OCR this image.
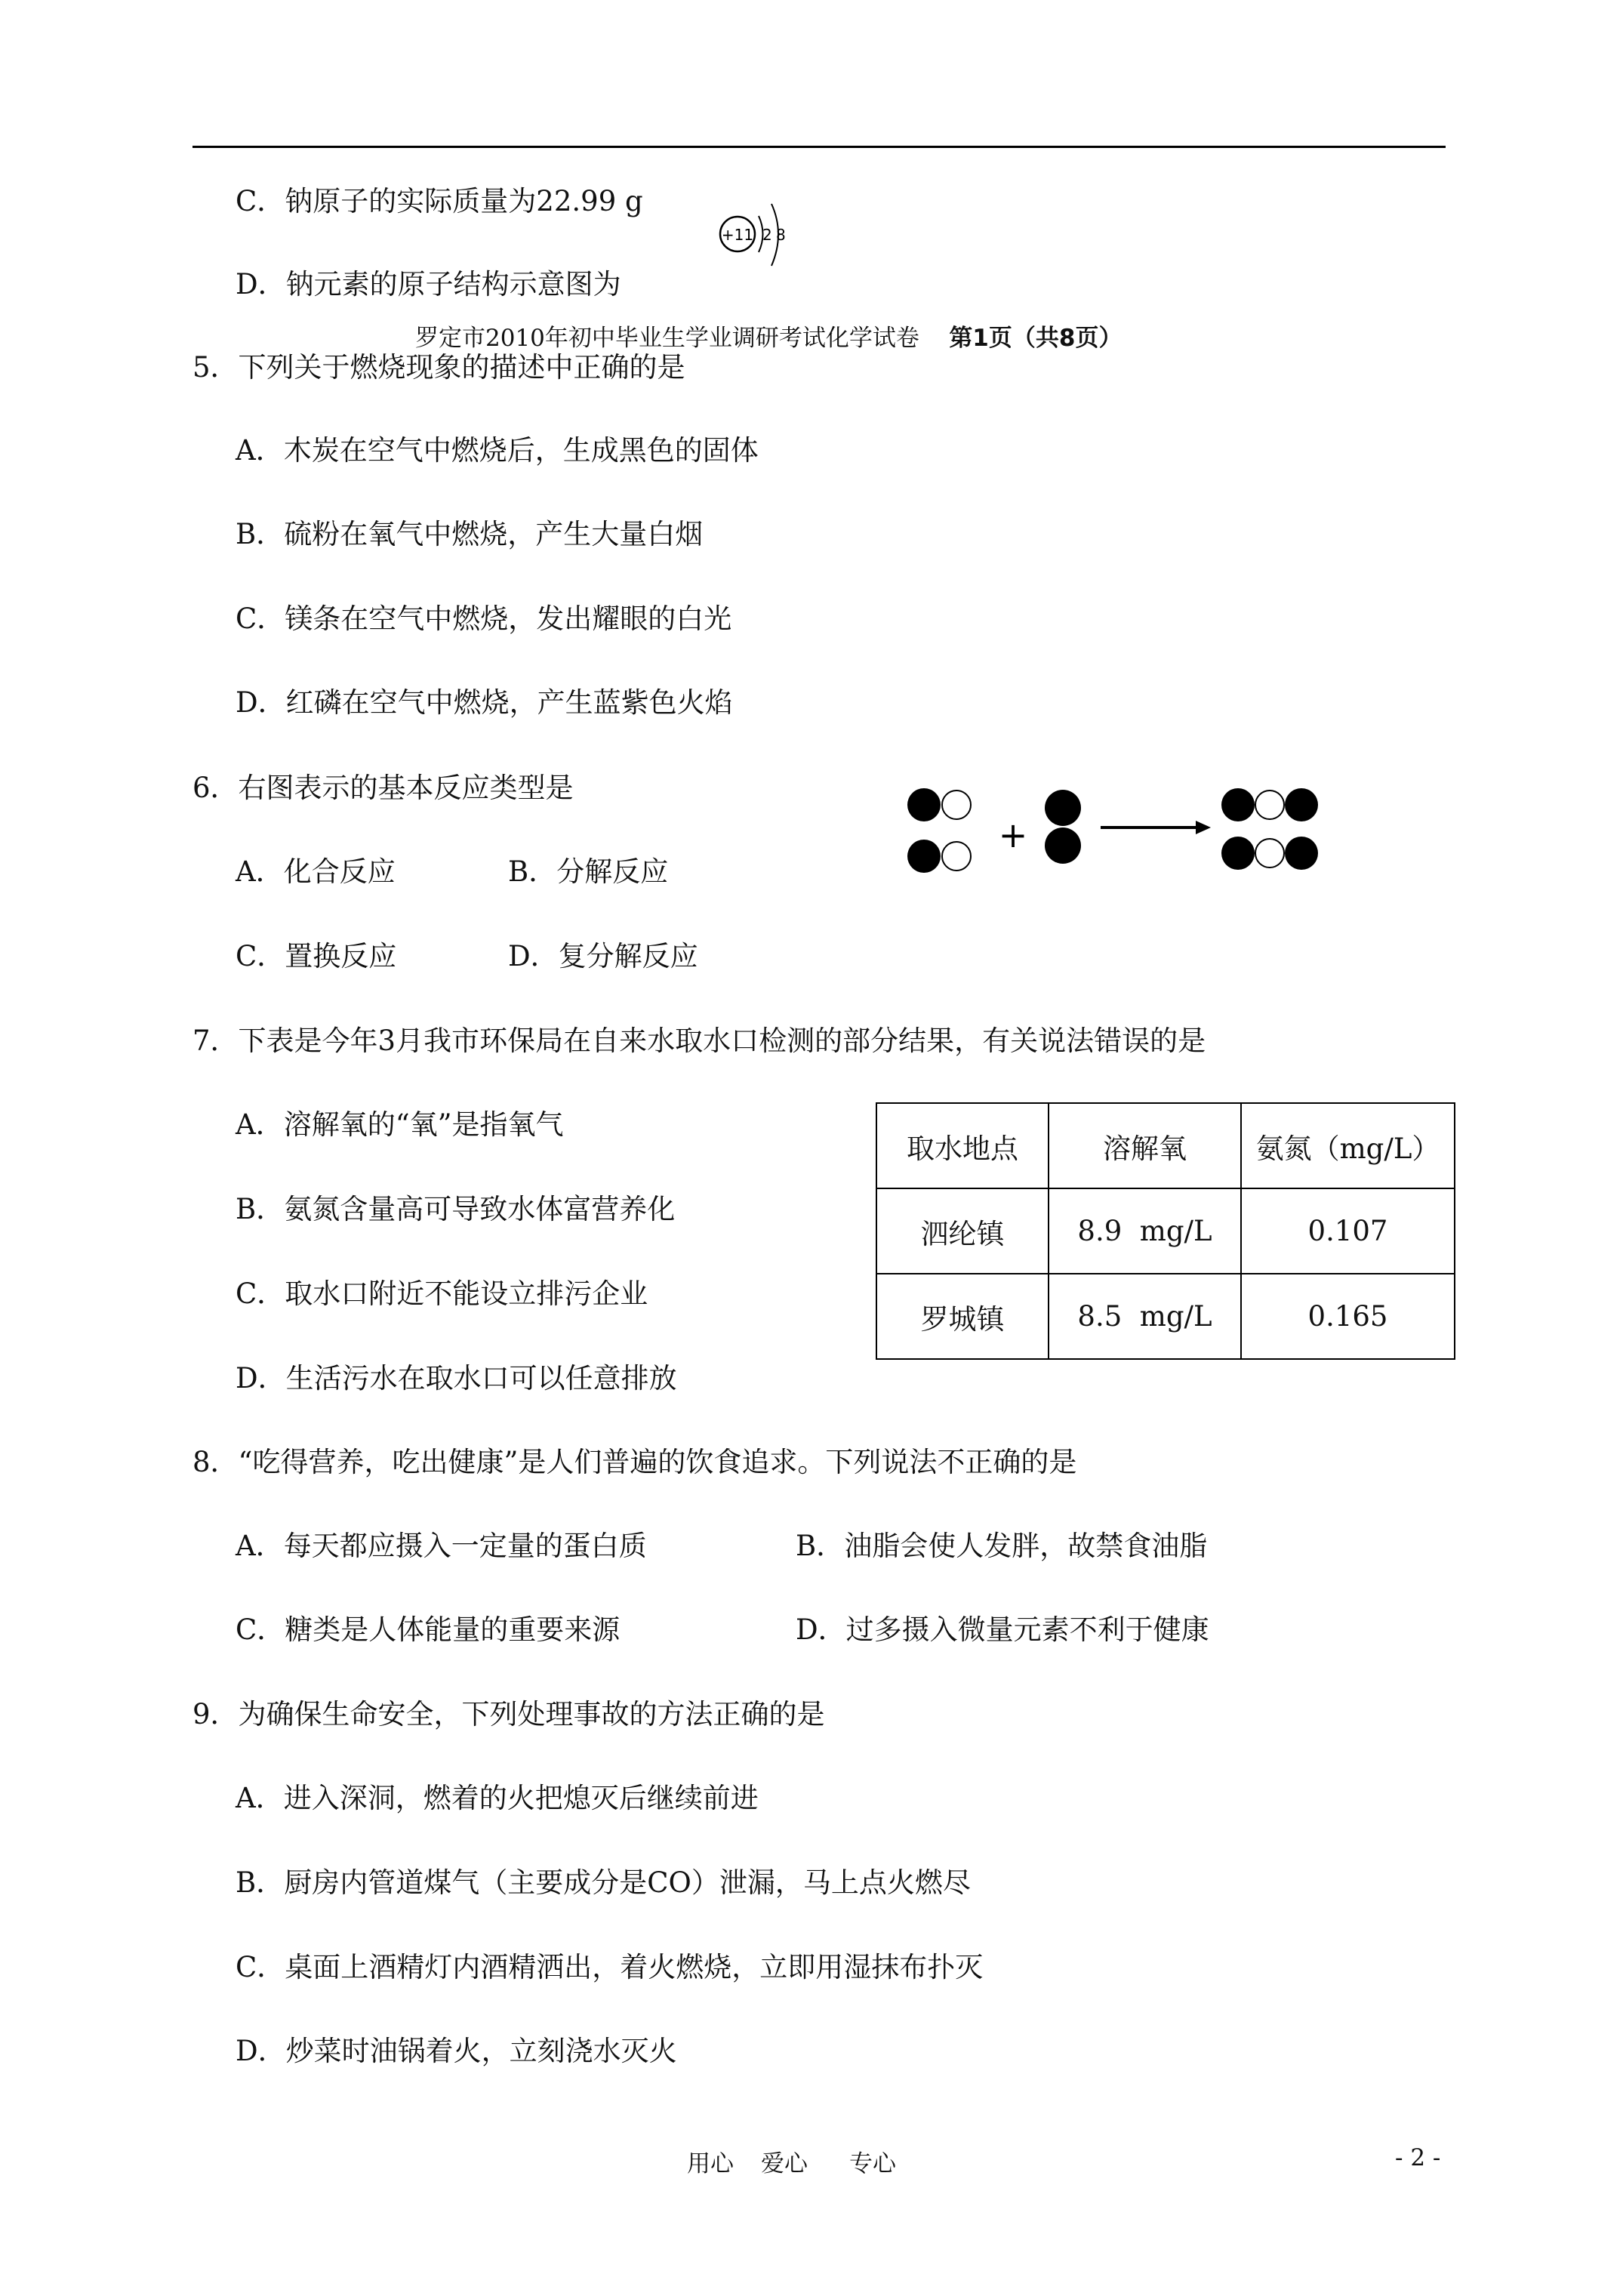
C．钠原子的实际质量为22.99 g
D．钠元素的原子结构示意图为
+11 2 8
罗定市2010年初中毕业生学业调研考试化学试卷 第1页（共8页）
5．下列关于燃烧现象的描述中正确的是
A．木炭在空气中燃烧后，生成黑色的固体
B．硫粉在氧气中燃烧，产生大量白烟
C．镁条在空气中燃烧，发出耀眼的白光
D．红磷在空气中燃烧，产生蓝紫色火焰
6．右图表示的基本反应类型是
A．化合反应	B．分解反应
C．置换反应	D．复分解反应
+
7．下表是今年3月我市环保局在自来水取水口检测的部分结果，有关说法错误的是
A．溶解氧的“氧”是指氧气
B．氨氮含量高可导致水体富营养化
C．取水口附近不能设立排污企业
D．生活污水在取水口可以任意排放
取水地点	溶解氧	氨氮（mg/L）
泗纶镇	8.9  mg/L	0.107
罗城镇	8.5  mg/L	0.165
8．“吃得营养，吃出健康”是人们普遍的饮食追求。下列说法不正确的是
A．每天都应摄入一定量的蛋白质	B．油脂会使人发胖，故禁食油脂
C．糖类是人体能量的重要来源	D．过多摄入微量元素不利于健康
9．为确保生命安全，下列处理事故的方法正确的是
A．进入深洞，燃着的火把熄灭后继续前进
B．厨房内管道煤气（主要成分是CO）泄漏，马上点火燃尽
C．桌面上酒精灯内酒精洒出，着火燃烧，立即用湿抹布扑灭
D．炒菜时油锅着火，立刻浇水灭火
用心 爱心 专心	- 2 -
